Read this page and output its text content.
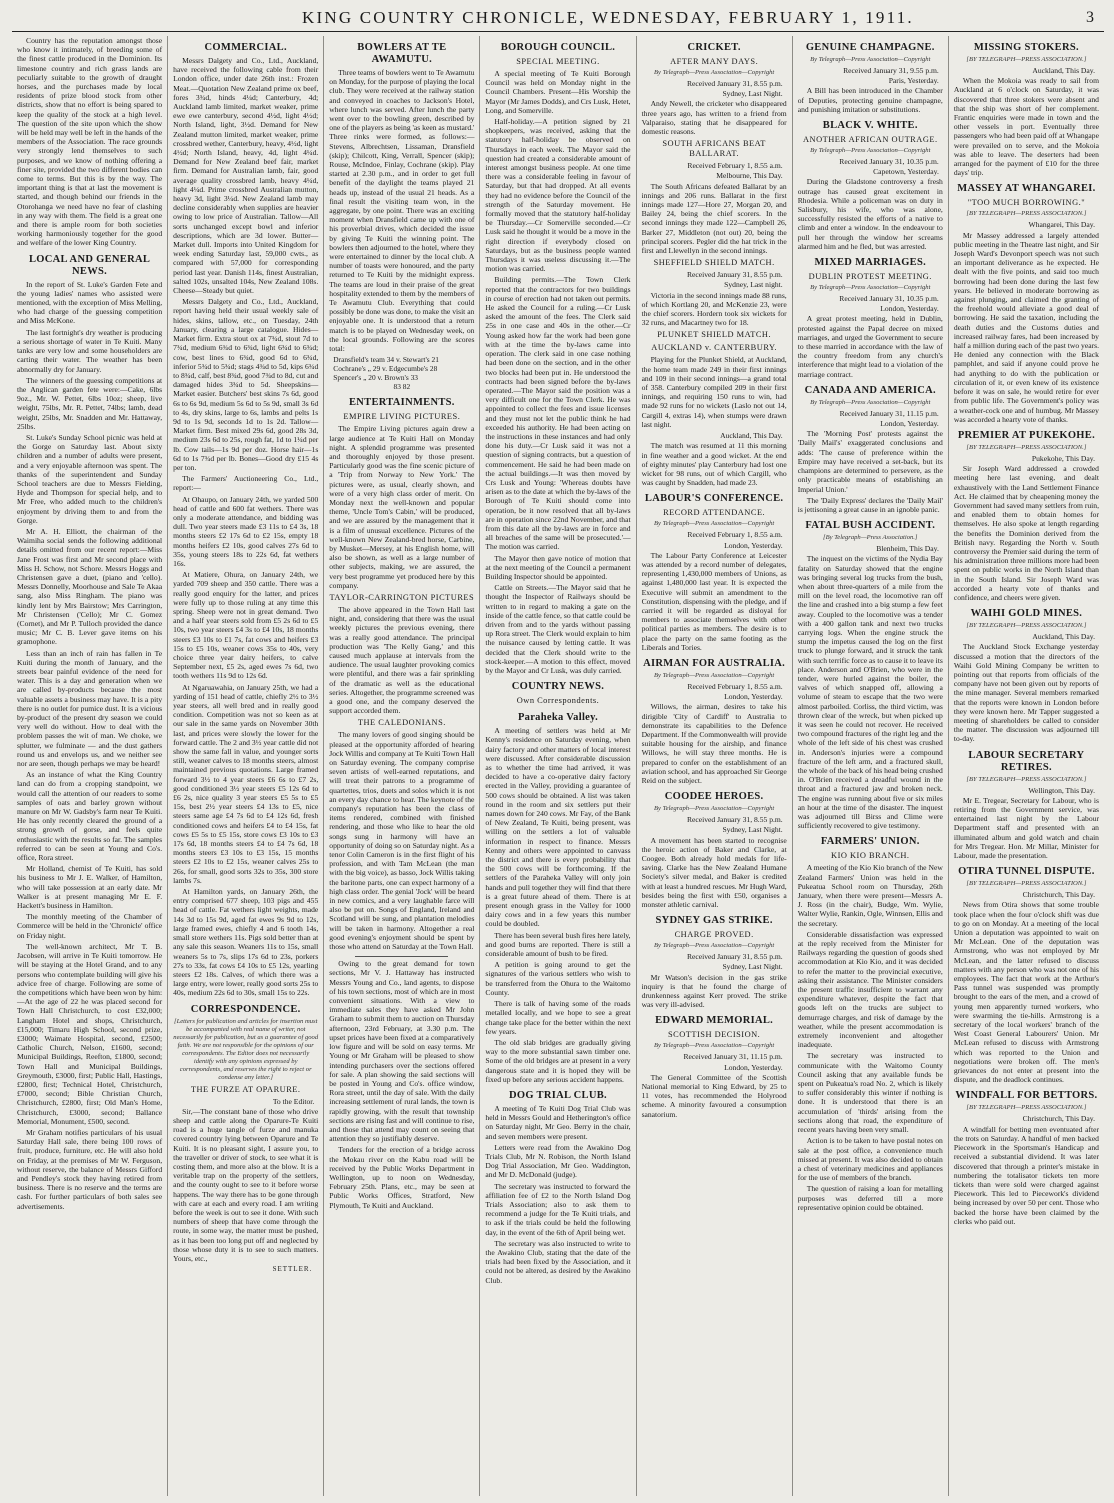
KING COUNTRY CHRONICLE, WEDNESDAY, FEBRUARY 1, 1911.	3

Country has the reputation amongst those who know it intimately, of breeding some of the finest cattle produced in the Dominion. Its limestone country and rich grass lands are peculiarly suitable to the growth of draught horses, and the purchases made by local residents of prize blood stock from other districts, show that no effort is being spared to keep the quality of the stock at a high level. The question of the site upon which the show will be held may well be left in the hands of the members of the Association. The race grounds very strongly lend themselves to such purposes, and we know of nothing offering a finer site, provided the two different bodies can come to terms. But this is by the way. The important thing is that at last the movement is started, and though behind our friends in the Otorohanga we need have no fear of clashing in any way with them. The field is a great one and there is ample room for both societies working harmoniously together for the good and welfare of the lower King Country.

LOCAL AND GENERAL NEWS.

In the report of St. Luke's Garden Fete and the young ladies' names who assisted were mentioned, with the exception of Miss Melling, who had charge of the guessing competition and Miss McKone.

The last fortnight's dry weather is producing a serious shortage of water in Te Kuiti. Many tanks are very low and some householders are carting their water. The weather has been abnormally dry for January.

The winners of the guessing competitions at the Anglican garden fete were:—Cake, 6lbs 9oz., Mr. W. Pettet, 6lbs 10oz; sheep, live weight, 75lbs, Mr. R. Pettet, 74lbs; lamb, dead weight, 25lbs, Mr. Snadden and Mr. Hattaway, 25lbs.

St. Luke's Sunday School picnic was held at the Gorge on Saturday last. About sixty children and a number of adults were present, and a very enjoyable afternoon was spent. The thanks of the superintendent and Sunday School teachers are due to Messrs Fielding, Hyde and Thompson for special help, and to Mr Free, who added much to the children's enjoyment by driving them to and from the Gorge.

Mr A. H. Elliott, the chairman of the Waimiha social sends the following additional details omitted from our recent report:—Miss Jane Frost was first and Mr second place with Miss H. Schow, not Schore. Messrs Hoggs and Christensen gave a duet, (piano and 'cello). Messrs Donnelly, Moorhouse and Sale Te Akaa sang, also Miss Ringham. The piano was kindly lent by Mrs Bairstow; Mrs Carrington, Mr Christensen ('Cello); Mr C. Gomez (Cornet), and Mr P. Tulloch provided the dance music; Mr C. B. Lever gave items on his gramophone.

Less than an inch of rain has fallen in Te Kuiti during the month of January, and the streets bear painful evidence of the need for water. This is a day and generation when we are called by-products because the most valuable assets a business may have. It is a pity there is no outlet for pumice dust. It is a vicious by-product of the present dry season we could very well do without. How to deal with the problem passes the wit of man. We choke, we splutter, we fulminate — and the dust gathers round us and envelops us, and we neither see nor are seen, though perhaps we may be heard!

As an instance of what the King Country land can do from a cropping standpoint, we would call the attention of our readers to some samples of oats and barley grown without manure on Mr W. Gadsby's farm near Te Kuiti. He has only recently cleared the ground of a strong growth of gorse, and feels quite enthusiastic with the results so far. The samples referred to can be seen at Young and Co's. office, Rora street.

Mr Holland, chemist of Te Kuiti, has sold his business to Mr J. E. Walker, of Hamilton, who will take possession at an early date. Mr Walker is at present managing Mr E. F. Hackett's business in Hamilton.

The monthly meeting of the Chamber of Commerce will be held in the 'Chronicle' office on Friday night.

The well-known architect, Mr T. B. Jacobsen, will arrive in Te Kuiti tomorrow. He will be staying at the Hotel Grand, and to any persons who contemplate building will give his advice free of charge. Following are some of the competitions which have been won by him:—At the age of 22 he was placed second for Town Hall Christchurch, to cost £32,000; Langham Hotel and shops, Christchurch, £15,000; Timaru High School, second prize, £3000; Waimate Hospital, second, £2500; Catholic Church, Nelson, £1600, second; Municipal Buildings, Reefton, £1800, second; Town Hall and Municipal Buildings, Greymouth, £3000, first; Public Hall, Hastings, £2800, first; Technical Hotel, Christchurch, £7000, second; Bible Christian Church, Christchurch, £2800, first; Old Man's Home, Christchurch, £3000, second; Ballance Memorial, Monument, £500, second.

Mr Graham notifies particulars of his usual Saturday Hall sale, there being 100 rows of fruit, produce, furniture, etc. He will also hold on Friday, at the premises of Mr W. Ferguson, without reserve, the balance of Messrs Gifford and Pendley's stock they having retired from business. There is no reserve and the terms are cash. For further particulars of both sales see advertisements.

COMMERCIAL.

Messrs Dalgety and Co., Ltd., Auckland, have received the following cable from their London office, under date 26th inst.: Frozen Meat.—Quotation New Zealand prime ox beef, fores 3¾d, hinds 4¼d; Canterbury, 4d; Auckland lamb limited, market weaker, prime ewe ewe canterbury, second 4½d, light 4½d; North Island, light, 3½d. Demand for New Zealand mutton limited, market weaker, prime crossbred wether, Canterbury, heavy, 4½d, light 4½d; North Island, heavy, 4d, light 4¼d. Demand for New Zealand beef fair, market firm. Demand for Australian lamb, fair, good average quality crossbred lamb, heavy 4¼d, light 4¼d. Prime crossbred Australian mutton, heavy 3d, light 3¼d. New Zealand lamb may decline considerably when supplies are heavier owing to low price of Australian. Tallow—All sorts unchanged except bowl and inferior descriptions, which are 3d lower. Butter—Market dull. Imports into United Kingdom for week ending Saturday last, 59,000 cwts., as compared with 57,000 for corresponding period last year. Danish 114s, finest Australian, salted 102s, unsalted 104s, New Zealand 108s. Cheese—Steady but quiet.

Messrs Dalgety and Co., Ltd., Auckland, report having held their usual weekly sale of hides, skins, tallow, etc., on Tuesday, 24th January, clearing a large catalogue. Hides—Market firm. Extra stout ox at 7¾d, stout 7d to 7¾d, medium 6¾d to 6¾d, light 6¾d to 6¾d; cow, best lines to 6¾d, good 6d to 6¾d, inferior 5¾d to 5¾d; stags 4¾d to 5d, kips 6¾d to 8¾d, calf, best 8¾d, good 7¾d to 8d, cut and damaged hides 3¾d to 5d. Sheepskins—Market easier. Butchers' best skins 7s 6d, good 6s to 6s 9d, medium 5s 6d to 5s 9d, small 3s 6d to 4s, dry skins, large to 6s, lambs and pelts 1s 9d to 1s 9d, seconds 1d to 1s 2d. Tallow—Market firm. Best mixed 29s 6d, good 28s 3d, medium 23s 6d to 25s, rough fat, 1d to 1¼d per lb. Cow tails—1s 9d per doz. Horse hair—1s 6d to 1s 7¾d per lb. Bones—Good dry £15 4s per ton.

The Farmers' Auctioneering Co., Ltd., report:—

At Ohaupo, on January 24th, we yarded 500 head of cattle and 600 fat wethers. There was only a moderate attendance, and bidding was dull. Two year steers made £3 11s to £4 3s, 18 months steers £2 17s 6d to £2 15s, empty 18 months heifers £2 10s, good calves 27s 6d to 35s, young steers 18s to 22s 6d, fat wethers 16s.

At Matiere, Ohura, on January 24th, we yarded 709 sheep and 350 cattle. There was a really good enquiry for the latter, and prices were fully up to those ruling at any time this spring. Sheep were not in great demand. Two and a half year steers sold from £5 2s 6d to £5 10s, two year steers £4 3s to £4 10s, 18 months steers £3 10s to £1 7s, fat cows and heifers £3 15s to £5 10s, weaner cows 35s to 40s, very choice three year dairy heifers, to calve September next, £5 2s, aged ewes 7s 6d, two tooth wethers 11s 9d to 12s 6d.

At Ngaruawahia, on January 25th, we had a yarding of 151 head of cattle, chiefly 2½ to 3½ year steers, all well bred and in really good condition. Competition was not so keen as at our sale in the same yards on November 30th last, and prices were slowly the lower for the forward cattle. The 2 and 3½ year cattle did not show the same fall in value, and younger sorts still, weaner calves to 18 months steers, almost maintained previous quotations. Large framed forward 3½ to 4 year steers £6 6s to £7 2s, good conditioned 3½ year steers £5 12s 6d to £6 2s, nice quality 3 year steers £5 5s to £5 15s, best 2½ year steers £4 13s to £5, nice steers same age £4 7s 6d to £4 12s 6d, fresh conditioned cows and heifers £4 to £4 15s, fat cows £5 5s to £5 15s, store cows £3 10s to £3 17s 6d, 18 months steers £4 to £4 7s 6d, 18 months steers £3 10s to £3 15s, 15 months steers £2 10s to £2 15s, weaner calves 25s to 26s, for small, good sorts 32s to 35s, 300 store lambs 7s.

At Hamilton yards, on January 26th, the entry comprised 677 sheep, 103 pigs and 455 head of cattle. Fat wethers light weights, made 14s 3d to 15s 9d, aged fat ewes 9s 9d to 12s, large framed ewes, chiefly 4 and 6 tooth 14s, small store wethers 11s. Pigs sold better than at any sale this season. Weaners 11s to 15s, small weaners 5s to 7s, slips 17s 6d to 23s, porkers 27s to 33s, fat cows £4 10s to £5 12s, yearling steers £2 18s. Calves, of which there was a large entry, were lower, really good sorts 25s to 40s, medium 22s 6d to 30s, small 15s to 22s.

CORRESPONDENCE.
[Letters for publication and articles for insertion must be accompanied with real name of writer, not necessarily for publication, but as a guarantee of good faith. We are not responsible for the opinions of our correspondents. The Editor does not necessarily identify with any opinions expressed by correspondents, and reserves the right to reject or condense any letter.]
THE FURZE AT OPARURE.
To the Editor.

Sir,—The constant bane of those who drive sheep and cattle along the Oparure-Te Kuiti road is a huge tangle of furze and manuka covered country lying between Oparure and Te Kuiti. It is no pleasant sight, I assure you, to the traveller or driver of stock, to see what it is costing them, and more also at the blow. It is a veritable trap on the property of the settlers, and the county ought to see to it before worse happens. The way there has to be gone through with care at each and every road. I am writing before the week is out to see it done. With such numbers of sheep that have come through the route, in some way, the matter must be pushed, as it has been too long put off and neglected by those whose duty it is to see to such matters. Yours, etc.,

SETTLER.
BOWLERS AT TE AWAMUTU.

Three teams of bowlers went to Te Awamutu on Monday, for the purpose of playing the local club. They were received at the railway station and conveyed in coaches to Jackson's Hotel, where lunch was served. After lunch the party went over to the bowling green, described by one of the players as being 'as keen as mustard.' Three rinks were formed, as follows:—Stevens, Albrechtsen, Lissaman, Dransfield (skip); Chilcott, King, Verrall, Spencer (skip); Rouse, McIndoe, Finlay, Cochrane (skip). Play started at 2.30 p.m., and in order to get full benefit of the daylight the teams played 21 heads up, instead of the usual 21 heads. As a final result the visiting team won, in the aggregate, by one point. There was an exciting moment when Dransfield came up with one of his proverbial drives, which decided the issue by giving Te Kuiti the winning point. The bowlers then adjourned to the hotel, where they were entertained to dinner by the local club. A number of toasts were honoured, and the party returned to Te Kuiti by the midnight express. The teams are loud in their praise of the great hospitality extended to them by the members of Te Awamutu Club. Everything that could possibly be done was done, to make the visit an enjoyable one. It is understood that a return match is to be played on Wednesday week, on the local grounds. Following are the scores total:

Dransfield's team 34 v. Stewart's 21
Cochrane's „ 29 v. Edgecumbe's 28
Spencer's „ 20 v. Brown's 33
83 82
ENTERTAINMENTS.
EMPIRE LIVING PICTURES.

The Empire Living pictures again drew a large audience at Te Kuiti Hall on Monday night. A splendid programme was presented and thoroughly enjoyed by those present. Particularly good was the fine scenic picture of a 'Trip from Norway to New York.' The pictures were, as usual, clearly shown, and were of a very high class order of merit. On Monday next the well-known and popular theme, 'Uncle Tom's Cabin,' will be produced, and we are assured by the management that it is a film of unusual excellence. Pictures of the well-known New Zealand-bred horse, Carbine, by Musket—Mersey, at his English home, will also be shown, as well as a large number of other subjects, making, we are assured, the very best programme yet produced here by this company.

TAYLOR-CARRINGTON PICTURES

The above appeared in the Town Hall last night, and, considering that there was the usual weekly pictures the previous evening, there was a really good attendance. The principal production was 'The Kelly Gang,' and this caused much applause at intervals from the audience. The usual laughter provoking comics were plentiful, and there was a fair sprinkling of the dramatic as well as the educational series. Altogether, the programme screened was a good one, and the company deserved the support accorded them.

THE CALEDONIANS.

The many lovers of good singing should be pleased at the opportunity afforded of hearing Jock Willis and company at Te Kuiti Town Hall on Saturday evening. The company comprise seven artists of well-earned reputations, and will treat their patrons to a programme of quartettes, trios, duets and solos which it is not an every day chance to hear. The keynote of the company's reputation has been the class of items rendered, combined with finished rendering, and those who like to hear the old songs sung in harmony will have an opportunity of doing so on Saturday night. As a tenor Colin Cameron is in the first flight of his profession, and with Tam McLean (the man with the big voice), as basso, Jock Willis taking the baritone parts, one can expect harmony of a high class order. The genial 'Jock' will be heard in new comics, and a very laughable farce will also be put on. Songs of England, Ireland and Scotland will be sung, and plantation melodies will be taken in harmony. Altogether a real good evening's enjoyment should be spent by those who attend on Saturday at the Town Hall.

Owing to the great demand for town sections, Mr V. J. Hattaway has instructed Messrs Young and Co., land agents, to dispose of his town sections, most of which are in most convenient situations. With a view to immediate sales they have asked Mr John Graham to submit them to auction on Thursday afternoon, 23rd February, at 3.30 p.m. The upset prices have been fixed at a comparatively low figure and will be sold on easy terms. Mr Young or Mr Graham will be pleased to show intending purchasers over the sections offered for sale. A plan showing the said sections will be posted in Young and Co's. office window, Rora street, until the day of sale. With the daily increasing settlement of rural lands, the town is rapidly growing, with the result that township sections are rising fast and will continue to rise, and those that attend may count on seeing that attention they so justifiably deserve.

Tenders for the erection of a bridge across the Mokau river on the Kabu road will be received by the Public Works Department in Wellington, up to noon on Wednesday, February 25th. Plans, etc., may be seen at Public Works Offices, Stratford, New Plymouth, Te Kuiti and Auckland.

BOROUGH COUNCIL.
SPECIAL MEETING.

A special meeting of Te Kuiti Borough Council was held on Monday night in the Council Chambers. Present—His Worship the Mayor (Mr James Dodds), and Crs Lusk, Hetet, Long, and Somerville.

Half-holiday.—A petition signed by 21 shopkeepers, was received, asking that the statutory half-holiday be observed on Thursdays in each week. The Mayor said the question had created a considerable amount of interest amongst business people. At one time there was a considerable feeling in favour of Saturday, but that had dropped. At all events they had no evidence before the Council of the strength of the Saturday movement. He formally moved that the statutory half-holiday be Thursday.—Cr Somerville seconded.—Cr Lusk said he thought it would be a move in the right direction if everybody closed on Saturdays, but as the business people wanted Thursdays it was useless discussing it.—The motion was carried.

Building permits.—The Town Clerk reported that the contractors for two buildings in course of erection had not taken out permits. He asked the Council for a ruling.—Cr Lusk asked the amount of the fees. The Clerk said 25s in one case and 40s in the other.—Cr Young asked how far the work had been gone with at the time the by-laws came into operation. The clerk said in one case nothing had been done on the section, and in the other two blocks had been put in. He understood the contracts had been signed before the by-laws operated.—The Mayor said the position was a very difficult one for the Town Clerk. He was appointed to collect the fees and issue licenses and they must not let the public think he had exceeded his authority. He had been acting on the instructions in these instances and had only done his duty.—Cr Lusk said it was not a question of signing contracts, but a question of commencement. He said he had been made on the actual buildings.—It was then moved by Crs Lusk and Young: 'Whereas doubts have arisen as to the date at which the by-laws of the Borough of Te Kuiti should come into operation, be it now resolved that all by-laws are in operation since 22nd November, and that from this date all the by-laws are in force and all breaches of the same will be prosecuted.'—The motion was carried.

The Mayor then gave notice of motion that at the next meeting of the Council a permanent Building Inspector should be appointed.

Cattle on Streets.—The Mayor said that he thought the Inspector of Railways should be written to in regard to making a gate on the inside of the cattle fence, so that cattle could be driven from and to the yards without passing up Rora street. The Clerk would explain to him the nuisance caused by letting cattle. It was decided that the Clerk should write to the stock-keeper.—A motion to this effect, moved by the Mayor and Cr Lusk, was duly carried.

COUNTRY NEWS.
Own Correspondents.
Paraheka Valley.

A meeting of settlers was held at Mr Kenny's residence on Saturday evening, when dairy factory and other matters of local interest were discussed. After considerable discussion as to whether the time had arrived, it was decided to have a co-operative dairy factory erected in the Valley, providing a guarantee of 500 cows should be obtained. A list was taken round in the room and six settlers put their names down for 240 cows. Mr Fay, of the Bank of New Zealand, Te Kuiti, being present, was willing on the settlers a lot of valuable information in respect to finance. Messrs Kenny and others were appointed to canvass the district and there is every probability that the 500 cows will be forthcoming. If the settlers of the Paraheka Valley will only join hands and pull together they will find that there is a great future ahead of them. There is at present enough grass in the Valley for 1000 dairy cows and in a few years this number could be doubled.

There has been several bush fires here lately, and good burns are reported. There is still a considerable amount of bush to be fired.

A petition is going around to get the signatures of the various settlers who wish to be transferred from the Ohura to the Waitomo County.

There is talk of having some of the roads metalled locally, and we hope to see a great change take place for the better within the next few years.

The old slab bridges are gradually giving way to the more substantial sawn timber one. Some of the old bridges are at present in a very dangerous state and it is hoped they will be fixed up before any serious accident happens.

DOG TRIAL CLUB.

A meeting of Te Kuiti Dog Trial Club was held in Messrs Gould and Hetherington's office on Saturday night, Mr Geo. Berry in the chair, and seven members were present.

Letters were read from the Awakino Dog Trials Club, Mr N. Robison, the North Island Dog Trial Association, Mr Geo. Waddington, and Mr D. McDonald (judge).

The secretary was instructed to forward the affiliation fee of £2 to the North Island Dog Trials Association; also to ask them to recommend a judge for the Te Kuiti trials, and to ask if the trials could be held the following day, in the event of the 6th of April being wet.

The secretary was also instructed to write to the Awakino Club, stating that the date of the trials had been fixed by the Association, and it could not be altered, as desired by the Awakino Club.

CRICKET.
AFTER MANY DAYS.
By Telegraph—Press Association—Copyright
Received January 31, 8.55 p.m.
Sydney, Last Night.

Andy Newell, the cricketer who disappeared three years ago, has written to a friend from Valparaiso, stating that he disappeared for domestic reasons.

SOUTH AFRICANS BEAT BALLARAT.
Received February 1, 8.55 a.m.
Melbourne, This Day.

The South Africans defeated Ballarat by an innings and 206 runs. Ballarat in the first innings made 127—Hore 27, Morgan 20, and Bailey 24, being the chief scorers. In the second innings they made 122—Campbell 26, Barker 27, Middleton (not out) 20, being the principal scorers. Pegler did the hat trick in the first and Llewellyn in the second innings.

SHEFFIELD SHIELD MATCH.
Received January 31, 8.55 p.m.
Sydney, Last night.

Victoria in the second innings made 88 runs, of which Kortlang 20, and McKenzie 23, were the chief scorers. Hordern took six wickets for 32 runs, and Macartney two for 18.

PLUNKET SHIELD MATCH.
AUCKLAND v. CANTERBURY.

Playing for the Plunket Shield, at Auckland, the home team made 249 in their first innings and 109 in their second innings—a grand total of 358. Canterbury compiled 209 in their first innings, and requiring 150 runs to win, had made 92 runs for no wickets (Laslo not out 14, Cargill 4, extras 14), when stumps were drawn last night.

Auckland, This Day.

The match was resumed at 11 this morning in fine weather and a good wicket. At the end of eighty minutes' play Canterbury had lost one wicket for 98 runs, out of which Cargill, who was caught by Snadden, had made 23.

LABOUR'S CONFERENCE.
RECORD ATTENDANCE.
By Telegraph—Press Association—Copyright
Received February 1, 8.55 a.m.
London, Yesterday.

The Labour Party Conference at Leicester was attended by a record number of delegates, representing 1,430,000 members of Unions, as against 1,480,000 last year. It is expected the Executive will submit an amendment to the Constitution, dispensing with the pledge, and if carried it will be regarded as disloyal for members to associate themselves with other political parties as members. The desire is to place the party on the same footing as the Liberals and Tories.

AIRMAN FOR AUSTRALIA.
By Telegraph—Press Association—Copyright
Received February 1, 8.55 a.m.
London, Yesterday.

Willows, the airman, desires to take his dirigible 'City of Cardiff' to Australia to demonstrate its capabilities to the Defence Department. If the Commonwealth will provide suitable housing for the airship, and finance Willows, he will stay three months. He is prepared to confer on the establishment of an aviation school, and has approached Sir George Reid on the subject.

COODEE HEROES.
By Telegraph—Press Association—Copyright
Received January 31, 8.55 p.m.
Sydney, Last Night.

A movement has been started to recognise the heroic action of Baker and Clarke, at Coogee. Both already hold medals for life-saving. Clarke has the New Zealand Humane Society's silver medal, and Baker is credited with at least a hundred rescues. Mr Hugh Ward, besides being the first with £50, organises a monster athletic carnival.

SYDNEY GAS STRIKE.
CHARGE PROVED.
By Telegraph—Press Association—Copyright
Received January 31, 8.55 p.m.
Sydney, Last Night.

Mr Watson's decision in the gas strike inquiry is that he found the charge of drunkenness against Kerr proved. The strike was very ill-advised.

EDWARD MEMORIAL.
SCOTTISH DECISION.
By Telegraph—Press Association—Copyright
Received January 31, 11.15 p.m.
London, Yesterday.

The General Committee of the Scottish National memorial to King Edward, by 25 to 11 votes, has recommended the Holyrood scheme. A minority favoured a consumption sanatorium.

GENUINE CHAMPAGNE.
By Telegraph—Press Association—Copyright
Received January 31, 9.55 p.m.
Paris, Yesterday.

A Bill has been introduced in the Chamber of Deputies, protecting genuine champagne, and punishing imitation or substitutions.

BLACK V. WHITE.
ANOTHER AFRICAN OUTRAGE.
By Telegraph—Press Association—Copyright
Received January 31, 10.35 p.m.
Capetown, Yesterday.

During the Gladstone controversy a fresh outrage has caused great excitement in Rhodesia. While a policeman was on duty in Salisbury, his wife, who was alone, successfully resisted the efforts of a native to climb and enter a window. In the endeavour to pull her through the window her screams alarmed him and he fled, but was arrested.

MIXED MARRIAGES.
DUBLIN PROTEST MEETING.
By Telegraph—Press Association—Copyright
Received January 31, 10.35 p.m.
London, Yesterday.

A great protest meeting, held in Dublin, protested against the Papal decree on mixed marriages, and urged the Government to secure to these married in accordance with the law of the country freedom from any church's interference that might lead to a violation of the marriage contract.

CANADA AND AMERICA.
By Telegraph—Press Association—Copyright
Received January 31, 11.15 p.m.
London, Yesterday.

The 'Morning Post' protests against the 'Daily Mail's' exaggerated conclusions and adds: 'The cause of preference within the Empire may have received a set-back, but its champions are determined to persevere, as the only practicable means of establishing an Imperial Union.'

The 'Daily Express' declares the 'Daily Mail' is jettisoning a great cause in an ignoble panic.

FATAL BUSH ACCIDENT.
[By Telegraph—Press Association.]
Blenheim, This Day.

The inquest on the victims of the Nydia Bay fatality on Saturday showed that the engine was bringing several log trucks from the bush, when about three-quarters of a mile from the mill on the level road, the locomotive ran off the line and crashed into a big stump a few feet away. Coupled to the locomotive was a tender with a 400 gallon tank and next two trucks carrying logs. When the engine struck the stump the impetus caused the log on the first truck to plunge forward, and it struck the tank with such terrific force as to cause it to leave its place. Anderson and O'Brien, who were in the tender, were hurled against the boiler, the valves of which snapped off, allowing a volume of steam to escape that the two were almost parboiled. Corliss, the third victim, was thrown clear of the wreck, but when picked up it was seen he could not recover. He received two compound fractures of the right leg and the whole of the left side of his chest was crushed in. Anderson's injuries were a compound fracture of the left arm, and a fractured skull, the whole of the back of his head being crushed in. O'Brien received a dreadful wound in the throat and a fractured jaw and broken neck. The engine was running about five or six miles an hour at the time of the disaster. The inquest was adjourned till Birss and Clime were sufficiently recovered to give testimony.

FARMERS' UNION.
KIO KIO BRANCH.

A meeting of the Kio Kio branch of the New Zealand Farmers' Union was held in the Pukeatua School room on Thursday, 26th January, when there were present—Messrs A. J. Ross (in the chair), Budge, Wm. Wylie, Walter Wylie, Rankin, Ogle, Winnsen, Ellis and the secretary.

Considerable dissatisfaction was expressed at the reply received from the Minister for Railways regarding the question of goods shed accommodation at Kio Kio, and it was decided to refer the matter to the provincial executive, asking their assistance. The Minister considers the present traffic insufficient to warrant any expenditure whatever, despite the fact that goods left on the trucks are subject to demurrage charges, and risk of damage by the weather, while the present accommodation is extremely inconvenient and altogether inadequate.

The secretary was instructed to communicate with the Waitomo County Council asking that any available funds be spent on Pukeatua's road No. 2, which is likely to suffer considerably this winter if nothing is done. It is understood that there is an accumulation of 'thirds' arising from the sections along that road, the expenditure of recent years having been very small.

Action is to be taken to have postal notes on sale at the post office, a convenience much missed at present. It was also decided to obtain a chest of veterinary medicines and appliances for the use of members of the branch.

The question of raising a loan for metalling purposes was deferred till a more representative opinion could be obtained.

MISSING STOKERS.
[BY TELEGRAPH—PRESS ASSOCIATION.]
Auckland, This Day.

When the Mokoia was ready to sail from Auckland at 6 o'clock on Saturday, it was discovered that three stokers were absent and that the ship was short of her complement. Frantic enquiries were made in town and the other vessels in port. Eventually three passengers who had been paid off at Whangape were prevailed on to serve, and the Mokoia was able to leave. The deserters had been arranged for the payment of £10 for the three days' trip.

MASSEY AT WHANGAREI.
"TOO MUCH BORROWING."
[BY TELEGRAPH—PRESS ASSOCIATION.]
Whangarei, This Day.

Mr Massey addressed a largely attended public meeting in the Theatre last night, and Sir Joseph Ward's Devonport speech was not such an important deliverance as he expected. He dealt with the five points, and said too much borrowing had been done during the last few years. He believed in moderate borrowing as against plunging, and claimed the granting of the freehold would alleviate a good deal of borrowing. He said the taxation, including the death duties and the Customs duties and increased railway fares, had been increased by half a million during each of the past two years. He denied any connection with the Black pamphlet, and said if anyone could prove he had anything to do with the publication or circulation of it, or even knew of its existence before it was on sale, he would retire for ever from public life. The Government's policy was a weather-cock one and of humbug. Mr Massey was accorded a hearty vote of thanks.

PREMIER AT PUKEKOHE.
[BY TELEGRAPH—PRESS ASSOCIATION.]
Pukekohe, This Day.

Sir Joseph Ward addressed a crowded meeting here last evening, and dealt exhaustively with the Land Settlement Finance Act. He claimed that by cheapening money the Government had saved many settlers from ruin, and enabled them to obtain homes for themselves. He also spoke at length regarding the benefits the Dominion derived from the British navy. Regarding the North v. South controversy the Premier said during the term of his administration three millions more had been spent on public works in the North Island than in the South Island. Sir Joseph Ward was accorded a hearty vote of thanks and confidence, and cheers were given.

WAIHI GOLD MINES.
[BY TELEGRAPH—PRESS ASSOCIATION.]
Auckland, This Day.

The Auckland Stock Exchange yesterday discussed a motion that the directors of the Waihi Gold Mining Company be written to pointing out that reports from officials of the company have not been given out by reports of the mine manager. Several members remarked that the reports were known in London before they were known here. Mr Tapper suggested a meeting of shareholders be called to consider the matter. The discussion was adjourned till to-day.

LABOUR SECRETARY RETIRES.
[BY TELEGRAPH—PRESS ASSOCIATION.]
Wellington, This Day.

Mr E. Tregear, Secretary for Labour, who is retiring from the Government service, was entertained last night by the Labour Department staff and presented with an illuminated album and gold watch and chain for Mrs Tregear. Hon. Mr Millar, Minister for Labour, made the presentation.

OTIRA TUNNEL DISPUTE.
[BY TELEGRAPH—PRESS ASSOCIATION.]
Christchurch, This Day.

News from Otira shows that some trouble took place when the four o'clock shift was due to go on on Monday. At a meeting of the local Union a deputation was appointed to wait on Mr McLean. One of the deputation was Armstrong, who was not employed by Mr McLean, and the latter refused to discuss matters with any person who was not one of his employees. The fact that work at the Arthur's Pass tunnel was suspended was promptly brought to the ears of the men, and a crowd of young men apparently turned workers, who were swarming the tie-hills. Armstrong is a secretary of the local workers' branch of the West Coast General Labourers' Union. Mr McLean refused to discuss with Armstrong which was reported to the Union and negotiations were broken off. The men's grievances do not enter at present into the dispute, and the deadlock continues.

WINDFALL FOR BETTORS.
[BY TELEGRAPH—PRESS ASSOCIATION.]
Christchurch, This Day.

A windfall for betting men eventuated after the trots on Saturday. A handful of men backed Piecework in the Sportsman's Handicap and received a substantial dividend. It was later discovered that through a printer's mistake in numbering the totalisator tickets ten more tickets than were sold were charged against Piecework. This led to Piecework's dividend being increased by over 50 per cent. Those who backed the horse have been claimed by the clerks who paid out.
